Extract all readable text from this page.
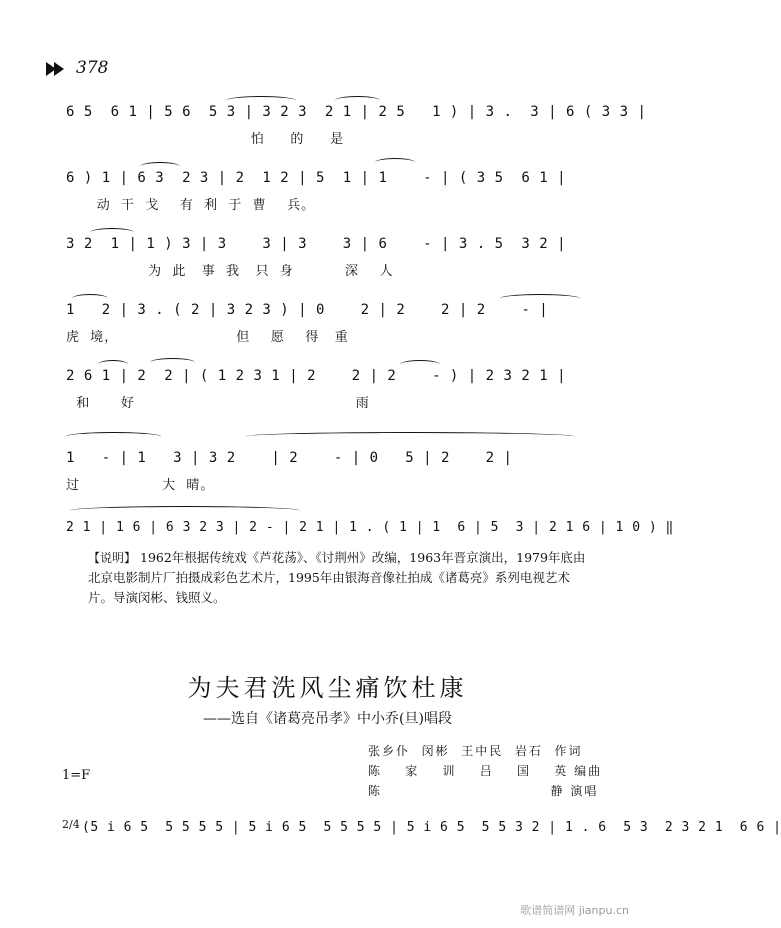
378
6 5  6 1 | 5 6  5 3 | 3 2 3  2 1 | 2 5   1 ) | 3 .  3 | 6 ( 3 3 |
怕     的     是
6 ) 1 | 6 3  2 3 | 2  1 2 | 5  1 | 1    - | ( 3 5  6 1 |
动  干  戈    有  利  于  曹    兵。
3 2  1 | 1 ) 3 | 3    3 | 3    3 | 6    - | 3 . 5  3 2 |
为  此   事  我   只  身          深    人
1   2 | 3 . ( 2 | 3 2 3 ) | 0    2 | 2    2 | 2    - |
虎  境，                       但    愿    得   重
2 6 1 | 2  2 | ( 1 2 3 1 | 2    2 | 2    - ) | 2 3 2 1 |
和      好                                           雨
1   - | 1   3 | 3 2    | 2    - | 0   5 | 2    2 |
过                大  晴。
2 1 | 1 6 | 6 3 2 3 | 2 - | 2 1 | 1 . ( 1 | 1  6 | 5  3 | 2 1 6 | 1 0 ) ‖
【说明】 1962年根据传统戏《芦花荡》、《讨荆州》改编，1963年晋京演出，1979年底由北京电影制片厂拍摄成彩色艺术片，1995年由银海音像社拍成《诸葛亮》系列电视艺术片。导演闵彬、钱照义。
为夫君洗风尘痛饮杜康
——选自《诸葛亮吊孝》中小乔(旦)唱段
张乡仆  闵彬  王中民  岩石  作词
陈    家    训    吕    国    英 编曲
陈                             静 演唱
1=F
2/4 (5 i 6 5  5 5 5 5 | 5 i 6 5  5 5 5 5 | 5 i 6 5  5 5 3 2 | 1 . 6  5 3  2 3 2 1  6 6 |
歌谱简谱网 jianpu.cn
